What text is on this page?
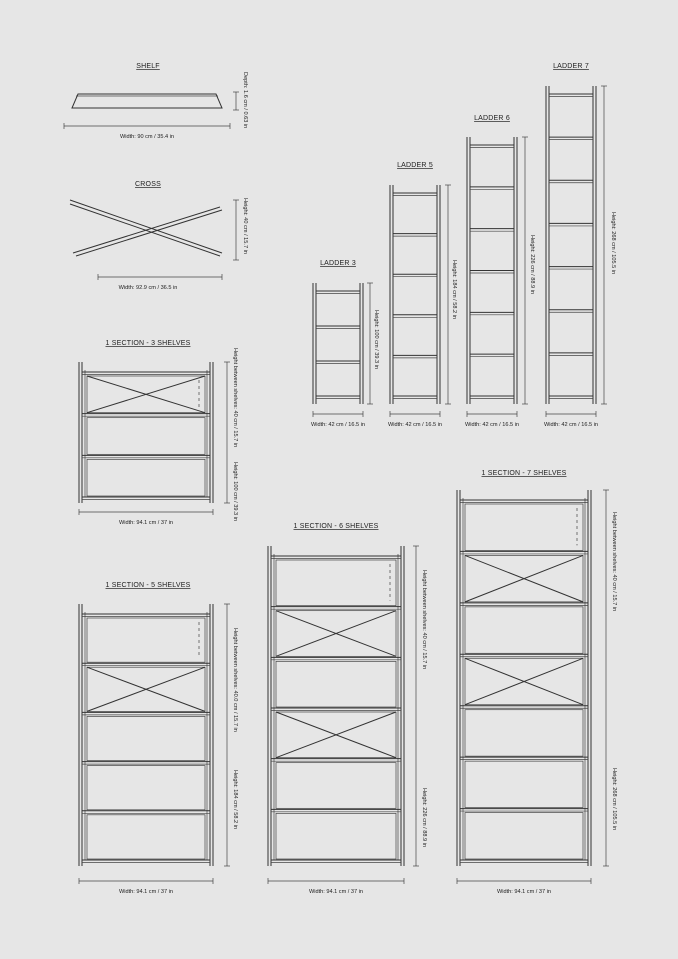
SHELF
Width: 90 cm / 35.4 in
Depth: 1.6 cm / 0.63 in
CROSS
Width: 92.9 cm / 36.5 in
Height: 40 cm / 15.7 in
LADDER 3
Width: 42 cm / 16.5 in
Height: 100 cm / 39.3 in
LADDER 5
Width: 42 cm / 16.5 in
Height: 184 cm / 58.2 in
LADDER 6
Width: 42 cm / 16.5 in
Height: 226 cm / 88.9 in
LADDER 7
Width: 42 cm / 16.5 in
Height: 268 cm / 105.5 in
1 SECTION - 3 SHELVES
Width: 94.1 cm / 37 in
Height between shelves: 40 cm / 15.7 in
Height: 100 cm / 39.3 in
1 SECTION - 5 SHELVES
Width: 94.1 cm / 37 in
Height between shelves: 40.0 cm / 15.7 in
Height: 184 cm / 58.2 in
1 SECTION - 6 SHELVES
Width: 94.1 cm / 37 in
Height between shelves: 40 cm / 15.7 in
Height: 226 cm / 88.9 in
1 SECTION - 7 SHELVES
Width: 94.1 cm / 37 in
Height between shelves: 40 cm / 15.7 in
Height: 268 cm / 105.5 in
